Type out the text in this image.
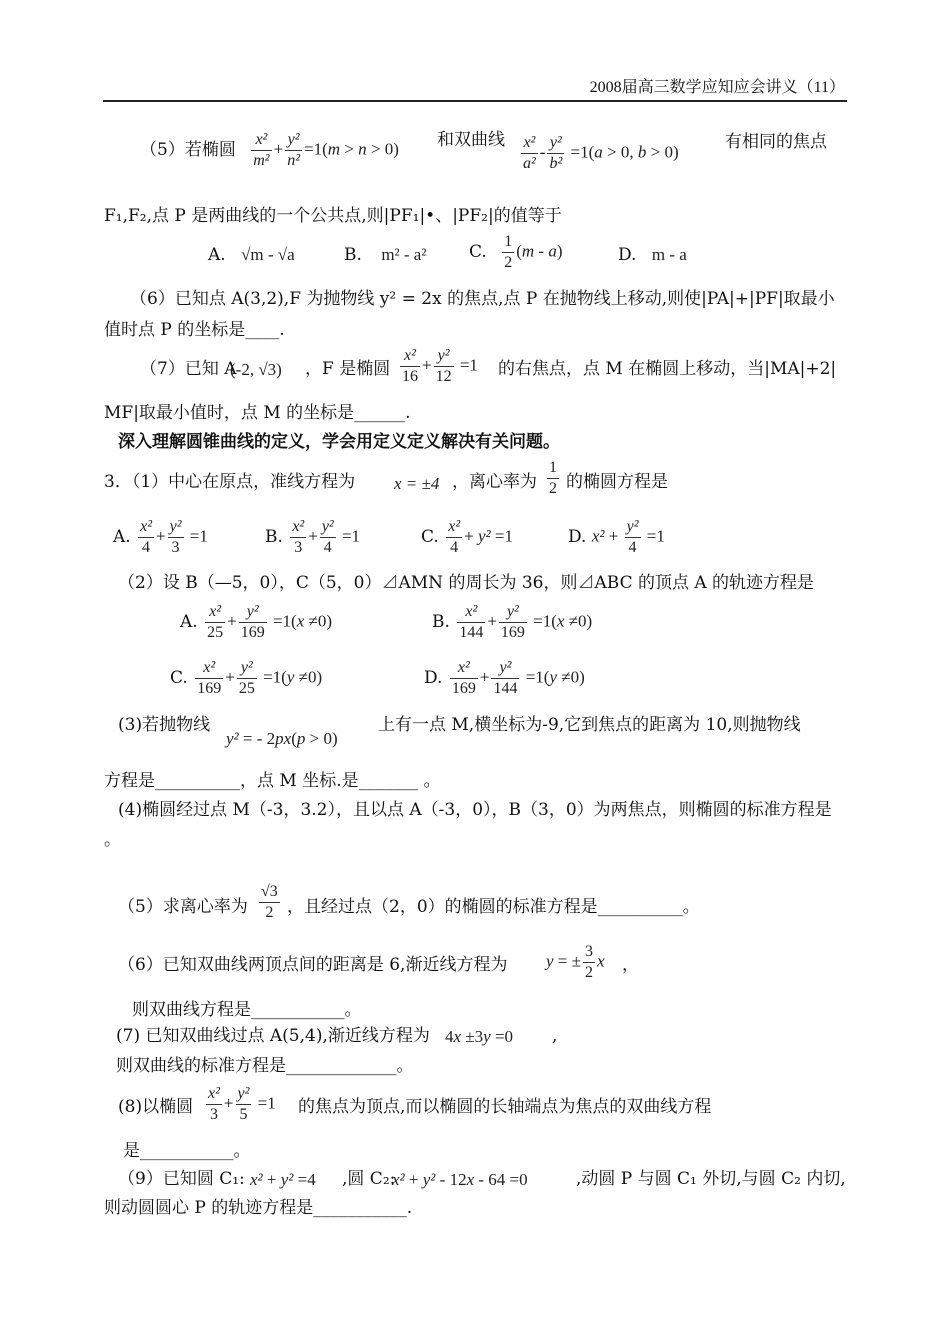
2008届高三数学应知应会讲义（11）
（5）若椭圆 $\frac{\text{x²}}{\text{m²}} + \frac{\text{y²}}{\text{n²}} =1(m > n > 0)$ 和双曲线 $\frac{\text{x²}}{\text{a²}} - \frac{\text{y²}}{\text{b²}} =1(a > 0$, b > 0)	有相同的焦点
F₁,F₂,点 P 是两曲线的一个公共点,则|PF₁|•、|PF₂|的值等于
A. √m - √a	B. m² - a²	C. $\frac{1}{2} (m - a)$	D. m - a
（6）已知点 A(3,2),F 为抛物线 y² = 2x 的焦点,点 P 在抛物线上移动,则使|PA|+|PF|取最小
值时点 P 的坐标是____.
（7）已知 A
(-2, √3) ，F 是椭圆 $\frac{\text{x²}}{16} + \frac{\text{y²}}{12} =1$ 的右焦点，点 M 在椭圆上移动，当|MA|+2|
MF|取最小值时，点 M 的坐标是______.
深入理解圆锥曲线的定义，学会用定义定义解决有关问题。
3．（1）中心在原点，准线方程为 x = ±4 ，离心率为 $\frac{1}{2}$ 的椭圆方程是
A. $\frac{\text{x²}}{4} + \frac{\text{y²}}{3} =1$	B. $\frac{\text{x²}}{3} + \frac{\text{y²}}{4} =1$	C. $\frac{\text{x²}}{4} + y^2 =1$	D. $x^2 + \frac{\text{y²}}{4} =1$
（2）设 B（—5，0），C（5，0）⊿AMN 的周长为 36，则⊿ABC 的顶点 A 的轨迹方程是
A. $\frac{\text{x²}}{25} + \frac{\text{y²}}{169} =1(x \ne 0)$	B. $\frac{\text{x²}}{144} + \frac{\text{y²}}{169} =1(x \ne 0)$
C. $\frac{\text{x²}}{169} + \frac{\text{y²}}{25} =1(y \ne 0)$	D. $\frac{\text{x²}}{169} + \frac{\text{y²}}{144} =1(y \ne 0)$
(3)若抛物线
y² = - 2px(p > 0)
上有一点 M,横坐标为-9,它到焦点的距离为 10,则抛物线
方程是__________，点 M 坐标.是_______ 。
(4)椭圆经过点 M（-3，3.2），且以点 A（-3，0），B（3，0）为两焦点，则椭圆的标准方程是
。
（5）求离心率为 $\frac{√3}{2}$ ，且经过点（2，0）的椭圆的标准方程是__________。
（6）已知双曲线两顶点间的距离是 6,渐近线方程为 y = ± $\frac{3}{2}$ x ，
则双曲线方程是___________。
(7) 已知双曲线过点 A(5,4),渐近线方程为 4x ±3y =0 ,
则双曲线的标准方程是_____________。
(8)以椭圆 $\frac{\text{x²}}{3} + \frac{\text{y²}}{5} =1$ 的焦点为顶点,而以椭圆的长轴端点为焦点的双曲线方程
是___________。
（9）已知圆 C₁: x² + y² =4 ,圆 C₂:
x² + y² - 12x - 64 =0	,动圆 P 与圆 C₁ 外切,与圆 C₂ 内切,
则动圆圆心 P 的轨迹方程是___________.
